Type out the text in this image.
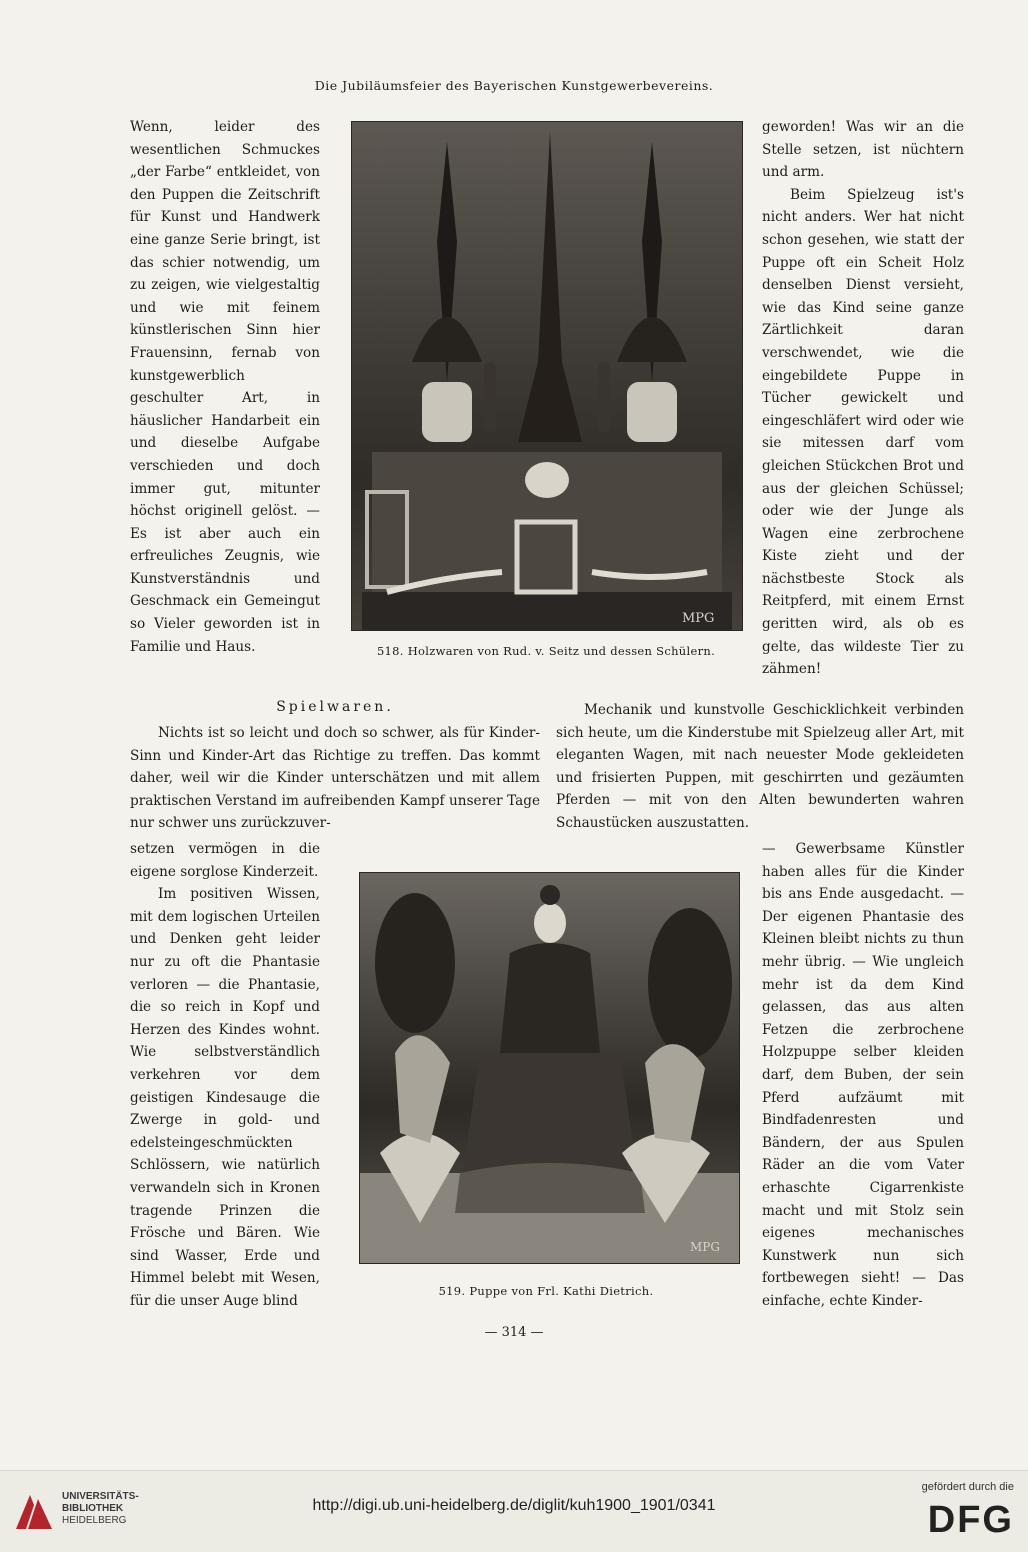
Die Jubiläumsfeier des Bayerischen Kunstgewerbevereins.

Wenn, leider des wesentlichen Schmuckes „der Farbe“ entkleidet, von den Puppen die Zeitschrift für Kunst und Handwerk eine ganze Serie bringt, ist das schier notwendig, um zu zeigen, wie vielgestaltig und wie mit feinem künstlerischen Sinn hier Frauensinn, fernab von kunstgewerblich geschulter Art, in häuslicher Handarbeit ein und dieselbe Aufgabe verschieden und doch immer gut, mitunter höchst originell gelöst. — Es ist aber auch ein erfreuliches Zeugnis, wie Kunstverständnis und Geschmack ein Gemeingut so Vieler geworden ist in Familie und Haus.

MPG
518. Holzwaren von Rud. v. Seitz und dessen Schülern.

geworden! Was wir an die Stelle setzen, ist nüchtern und arm.

Beim Spielzeug ist's nicht anders. Wer hat nicht schon gesehen, wie statt der Puppe oft ein Scheit Holz denselben Dienst versieht, wie das Kind seine ganze Zärtlichkeit daran verschwendet, wie die eingebildete Puppe in Tücher gewickelt und eingeschläfert wird oder wie sie mitessen darf vom gleichen Stückchen Brot und aus der gleichen Schüssel; oder wie der Junge als Wagen eine zerbrochene Kiste zieht und der nächstbeste Stock als Reitpferd, mit einem Ernst geritten wird, als ob es gelte, das wildeste Tier zu zähmen!

Spielwaren.

Nichts ist so leicht und doch so schwer, als für Kinder-Sinn und Kinder-Art das Richtige zu treffen. Das kommt daher, weil wir die Kinder unterschätzen und mit allem praktischen Verstand im aufreibenden Kampf unserer Tage nur schwer uns zurückzuver-

Mechanik und kunstvolle Geschicklichkeit verbinden sich heute, um die Kinderstube mit Spielzeug aller Art, mit eleganten Wagen, mit nach neuester Mode gekleideten und frisierten Puppen, mit geschirrten und gezäumten Pferden — mit von den Alten bewunderten wahren Schaustücken auszustatten.

setzen vermögen in die eigene sorglose Kinderzeit.

Im positiven Wissen, mit dem logischen Urteilen und Denken geht leider nur zu oft die Phantasie verloren — die Phantasie, die so reich in Kopf und Herzen des Kindes wohnt. Wie selbstverständlich verkehren vor dem geistigen Kindesauge die Zwerge in gold- und edelsteingeschmückten Schlössern, wie natürlich verwandeln sich in Kronen tragende Prinzen die Frösche und Bären. Wie sind Wasser, Erde und Himmel belebt mit Wesen, für die unser Auge blind

MPG
519. Puppe von Frl. Kathi Dietrich.

— Gewerbsame Künstler haben alles für die Kinder bis ans Ende ausgedacht. — Der eigenen Phantasie des Kleinen bleibt nichts zu thun mehr übrig. — Wie ungleich mehr ist da dem Kind gelassen, das aus alten Fetzen die zerbrochene Holzpuppe selber kleiden darf, dem Buben, der sein Pferd aufzäumt mit Bindfadenresten und Bändern, der aus Spulen Räder an die vom Vater erhaschte Cigarrenkiste macht und mit Stolz sein eigenes mechanisches Kunstwerk nun sich fortbewegen sieht! — Das einfache, echte Kinder-

— 314 —
UNIVERSITÄTS-
BIBLIOTHEK
HEIDELBERG
http://digi.ub.uni-heidelberg.de/diglit/kuh1900_1901/0341
gefördert durch die
DFG
